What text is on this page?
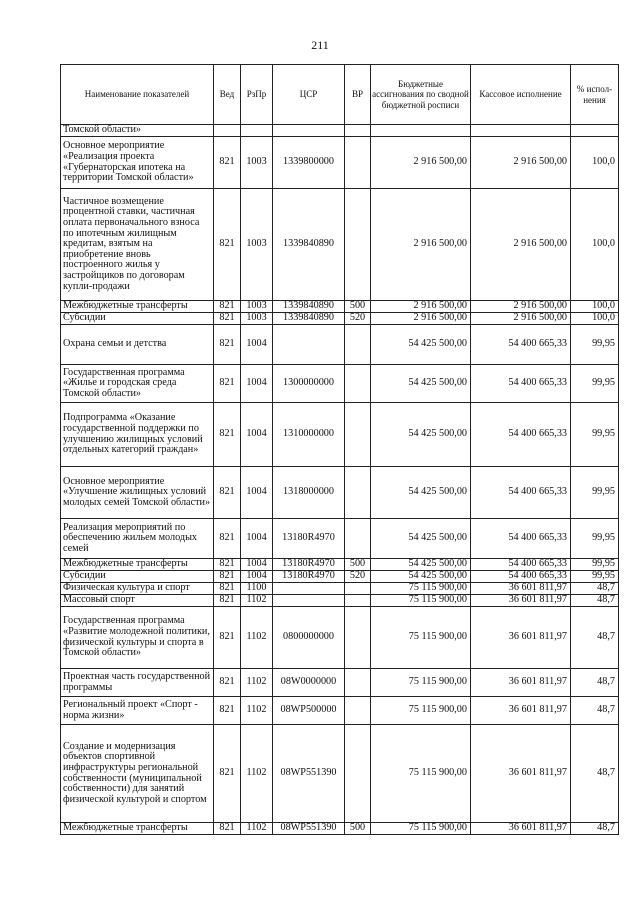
211
Наименование показателей	Вед	РзПр	ЦСР	ВР	Бюджетные ассигнования по сводной бюджетной росписи	Кассовое исполнение	% испол-нения
Томской области»							
Основное мероприятие «Реализация проекта «Губернаторская ипотека на территории Томской области»	821	1003	1339800000		2 916 500,00	2 916 500,00	100,0
Частичное возмещение процентной ставки, частичная оплата первоначального взноса по ипотечным жилищным кредитам, взятым на приобретение вновь построенного жилья у застройщиков по договорам купли-продажи	821	1003	1339840890		2 916 500,00	2 916 500,00	100,0
Межбюджетные трансферты	821	1003	1339840890	500	2 916 500,00	2 916 500,00	100,0
Субсидии	821	1003	1339840890	520	2 916 500,00	2 916 500,00	100,0
Охрана семьи и детства	821	1004			54 425 500,00	54 400 665,33	99,95
Государственная программа «Жилье и городская среда Томской области»	821	1004	1300000000		54 425 500,00	54 400 665,33	99,95
Подпрограмма «Оказание государственной поддержки по улучшению жилищных условий отдельных категорий граждан»	821	1004	1310000000		54 425 500,00	54 400 665,33	99,95
Основное мероприятие «Улучшение жилищных условий молодых семей Томской области»	821	1004	1318000000		54 425 500,00	54 400 665,33	99,95
Реализация мероприятий по обеспечению жильем молодых семей	821	1004	13180R4970		54 425 500,00	54 400 665,33	99,95
Межбюджетные трансферты	821	1004	13180R4970	500	54 425 500,00	54 400 665,33	99,95
Субсидии	821	1004	13180R4970	520	54 425 500,00	54 400 665,33	99,95
Физическая культура и спорт	821	1100			75 115 900,00	36 601 811,97	48,7
Массовый спорт	821	1102			75 115 900,00	36 601 811,97	48,7
Государственная программа «Развитие молодежной политики, физической культуры и спорта в Томской области»	821	1102	0800000000		75 115 900,00	36 601 811,97	48,7
Проектная часть государственной программы	821	1102	08W0000000		75 115 900,00	36 601 811,97	48,7
Региональный проект «Спорт - норма жизни»	821	1102	08WP500000		75 115 900,00	36 601 811,97	48,7
Создание и модернизация объектов спортивной инфраструктуры региональной собственности (муниципальной собственности) для занятий физической культурой и спортом	821	1102	08WP551390		75 115 900,00	36 601 811,97	48,7
Межбюджетные трансферты	821	1102	08WP551390	500	75 115 900,00	36 601 811,97	48,7
